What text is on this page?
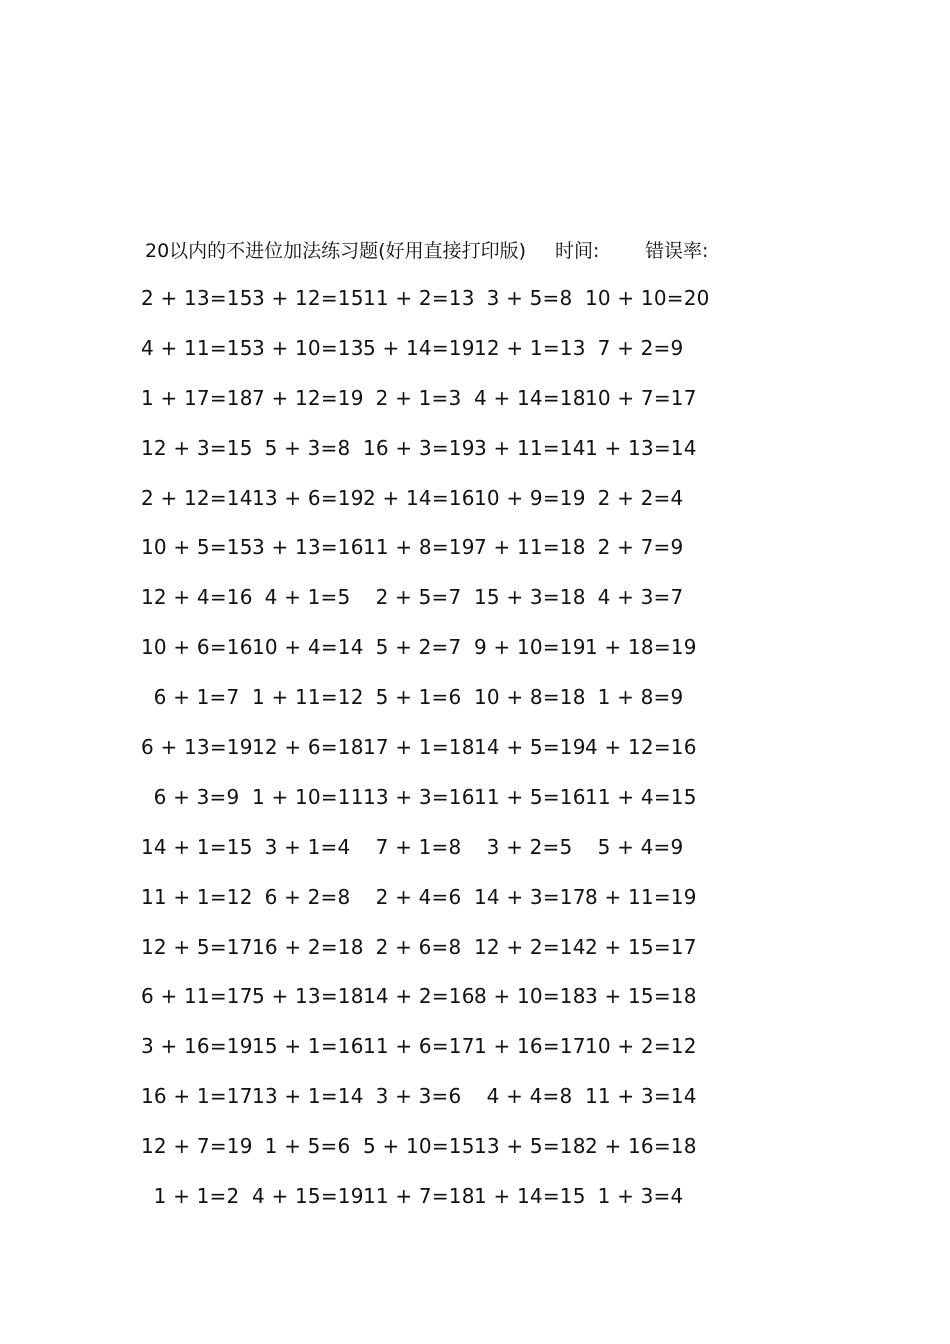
20以内的不进位加法练习题(好用直接打印版) 时间: 错误率:
2 + 13=15 3 + 12=15 11 + 2=13 3 + 5=8 10 + 10=20
4 + 11=15 3 + 10=13 5 + 14=19 12 + 1=13 7 + 2=9
1 + 17=18 7 + 12=19 2 + 1=3 4 + 14=18 10 + 7=17
12 + 3=15 5 + 3=8 16 + 3=19 3 + 11=14 1 + 13=14
2 + 12=14 13 + 6=19 2 + 14=16 10 + 9=19 2 + 2=4
10 + 5=15 3 + 13=16 11 + 8=19 7 + 11=18 2 + 7=9
12 + 4=16 4 + 1=5	2 + 5=7 15 + 3=18 4 + 3=7
10 + 6=16 10 + 4=14 5 + 2=7 9 + 10=19 1 + 18=19
6 + 1=7 1 + 11=12 5 + 1=6 10 + 8=18 1 + 8=9
6 + 13=19 12 + 6=18 17 + 1=18 14 + 5=19 4 + 12=16
6 + 3=9 1 + 10=11 13 + 3=16 11 + 5=16 11 + 4=15
14 + 1=15 3 + 1=4	7 + 1=8	3 + 2=5	5 + 4=9
11 + 1=12 6 + 2=8	2 + 4=6 14 + 3=17 8 + 11=19
12 + 5=17 16 + 2=18 2 + 6=8 12 + 2=14 2 + 15=17
6 + 11=17 5 + 13=18 14 + 2=16 8 + 10=18 3 + 15=18
3 + 16=19 15 + 1=16 11 + 6=17 1 + 16=17 10 + 2=12
16 + 1=17 13 + 1=14 3 + 3=6	4 + 4=8 11 + 3=14
12 + 7=19 1 + 5=6 5 + 10=15 13 + 5=18 2 + 16=18
1 + 1=2 4 + 15=19 11 + 7=18 1 + 14=15 1 + 3=4
